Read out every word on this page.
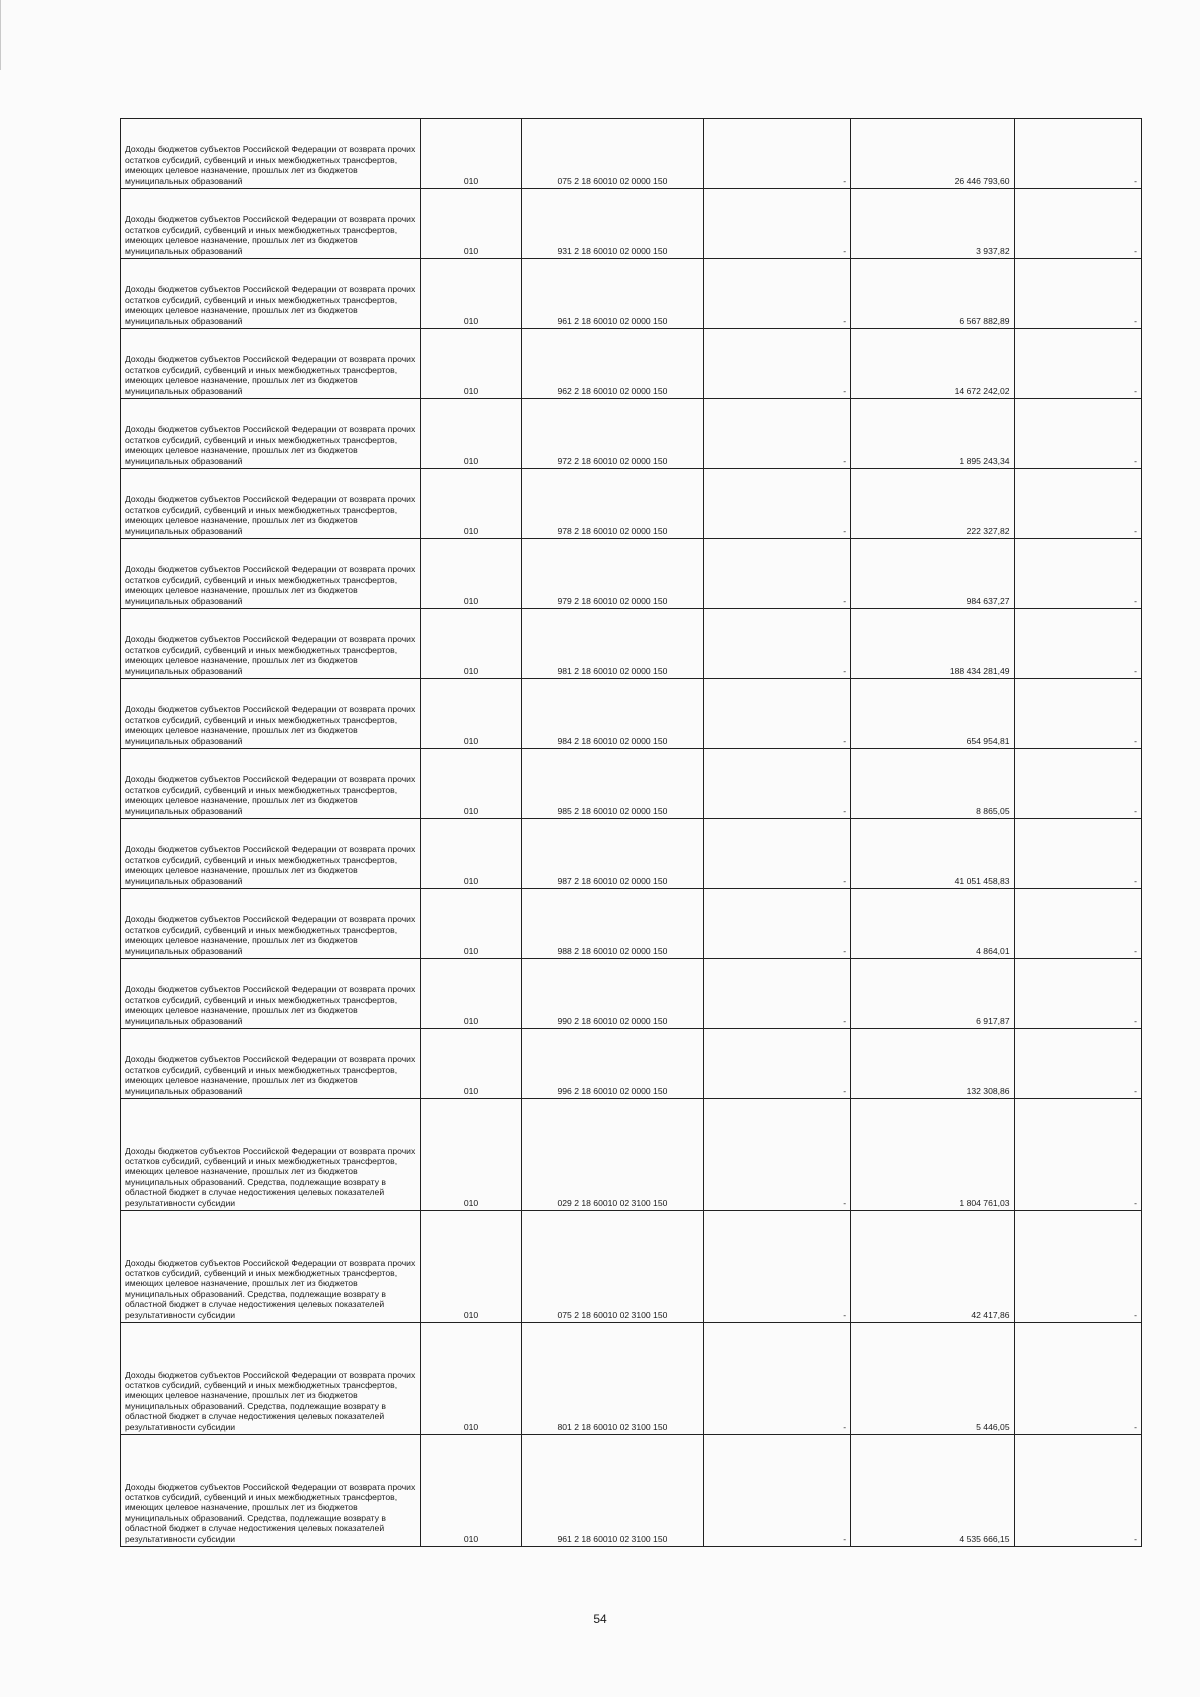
Доходы бюджетов субъектов Российской Федерации от возврата прочих остатков субсидий, субвенций и иных межбюджетных трансфертов, имеющих целевое назначение, прошлых лет из бюджетов муниципальных образований	010	075 2 18 60010 02 0000 150	-	26 446 793,60	-

Доходы бюджетов субъектов Российской Федерации от возврата прочих остатков субсидий, субвенций и иных межбюджетных трансфертов, имеющих целевое назначение, прошлых лет из бюджетов муниципальных образований	010	931 2 18 60010 02 0000 150	-	3 937,82	-

Доходы бюджетов субъектов Российской Федерации от возврата прочих остатков субсидий, субвенций и иных межбюджетных трансфертов, имеющих целевое назначение, прошлых лет из бюджетов муниципальных образований	010	961 2 18 60010 02 0000 150	-	6 567 882,89	-

Доходы бюджетов субъектов Российской Федерации от возврата прочих остатков субсидий, субвенций и иных межбюджетных трансфертов, имеющих целевое назначение, прошлых лет из бюджетов муниципальных образований	010	962 2 18 60010 02 0000 150	-	14 672 242,02	-

Доходы бюджетов субъектов Российской Федерации от возврата прочих остатков субсидий, субвенций и иных межбюджетных трансфертов, имеющих целевое назначение, прошлых лет из бюджетов муниципальных образований	010	972 2 18 60010 02 0000 150	-	1 895 243,34	-

Доходы бюджетов субъектов Российской Федерации от возврата прочих остатков субсидий, субвенций и иных межбюджетных трансфертов, имеющих целевое назначение, прошлых лет из бюджетов муниципальных образований	010	978 2 18 60010 02 0000 150	-	222 327,82	-

Доходы бюджетов субъектов Российской Федерации от возврата прочих остатков субсидий, субвенций и иных межбюджетных трансфертов, имеющих целевое назначение, прошлых лет из бюджетов муниципальных образований	010	979 2 18 60010 02 0000 150	-	984 637,27	-

Доходы бюджетов субъектов Российской Федерации от возврата прочих остатков субсидий, субвенций и иных межбюджетных трансфертов, имеющих целевое назначение, прошлых лет из бюджетов муниципальных образований	010	981 2 18 60010 02 0000 150	-	188 434 281,49	-

Доходы бюджетов субъектов Российской Федерации от возврата прочих остатков субсидий, субвенций и иных межбюджетных трансфертов, имеющих целевое назначение, прошлых лет из бюджетов муниципальных образований	010	984 2 18 60010 02 0000 150	-	654 954,81	-

Доходы бюджетов субъектов Российской Федерации от возврата прочих остатков субсидий, субвенций и иных межбюджетных трансфертов, имеющих целевое назначение, прошлых лет из бюджетов муниципальных образований	010	985 2 18 60010 02 0000 150	-	8 865,05	-

Доходы бюджетов субъектов Российской Федерации от возврата прочих остатков субсидий, субвенций и иных межбюджетных трансфертов, имеющих целевое назначение, прошлых лет из бюджетов муниципальных образований	010	987 2 18 60010 02 0000 150	-	41 051 458,83	-

Доходы бюджетов субъектов Российской Федерации от возврата прочих остатков субсидий, субвенций и иных межбюджетных трансфертов, имеющих целевое назначение, прошлых лет из бюджетов муниципальных образований	010	988 2 18 60010 02 0000 150	-	4 864,01	-

Доходы бюджетов субъектов Российской Федерации от возврата прочих остатков субсидий, субвенций и иных межбюджетных трансфертов, имеющих целевое назначение, прошлых лет из бюджетов муниципальных образований	010	990 2 18 60010 02 0000 150	-	6 917,87	-

Доходы бюджетов субъектов Российской Федерации от возврата прочих остатков субсидий, субвенций и иных межбюджетных трансфертов, имеющих целевое назначение, прошлых лет из бюджетов муниципальных образований	010	996 2 18 60010 02 0000 150	-	132 308,86	-

Доходы бюджетов субъектов Российской Федерации от возврата прочих остатков субсидий, субвенций и иных межбюджетных трансфертов, имеющих целевое назначение, прошлых лет из бюджетов муниципальных образований. Средства, подлежащие возврату в областной бюджет в случае недостижения целевых показателей результативности субсидии	010	029 2 18 60010 02 3100 150	-	1 804 761,03	-

Доходы бюджетов субъектов Российской Федерации от возврата прочих остатков субсидий, субвенций и иных межбюджетных трансфертов, имеющих целевое назначение, прошлых лет из бюджетов муниципальных образований. Средства, подлежащие возврату в областной бюджет в случае недостижения целевых показателей результативности субсидии	010	075 2 18 60010 02 3100 150	-	42 417,86	-

Доходы бюджетов субъектов Российской Федерации от возврата прочих остатков субсидий, субвенций и иных межбюджетных трансфертов, имеющих целевое назначение, прошлых лет из бюджетов муниципальных образований. Средства, подлежащие возврату в областной бюджет в случае недостижения целевых показателей результативности субсидии	010	801 2 18 60010 02 3100 150	-	5 446,05	-

Доходы бюджетов субъектов Российской Федерации от возврата прочих остатков субсидий, субвенций и иных межбюджетных трансфертов, имеющих целевое назначение, прошлых лет из бюджетов муниципальных образований. Средства, подлежащие возврату в областной бюджет в случае недостижения целевых показателей результативности субсидии	010	961 2 18 60010 02 3100 150	-	4 535 666,15	-
54
